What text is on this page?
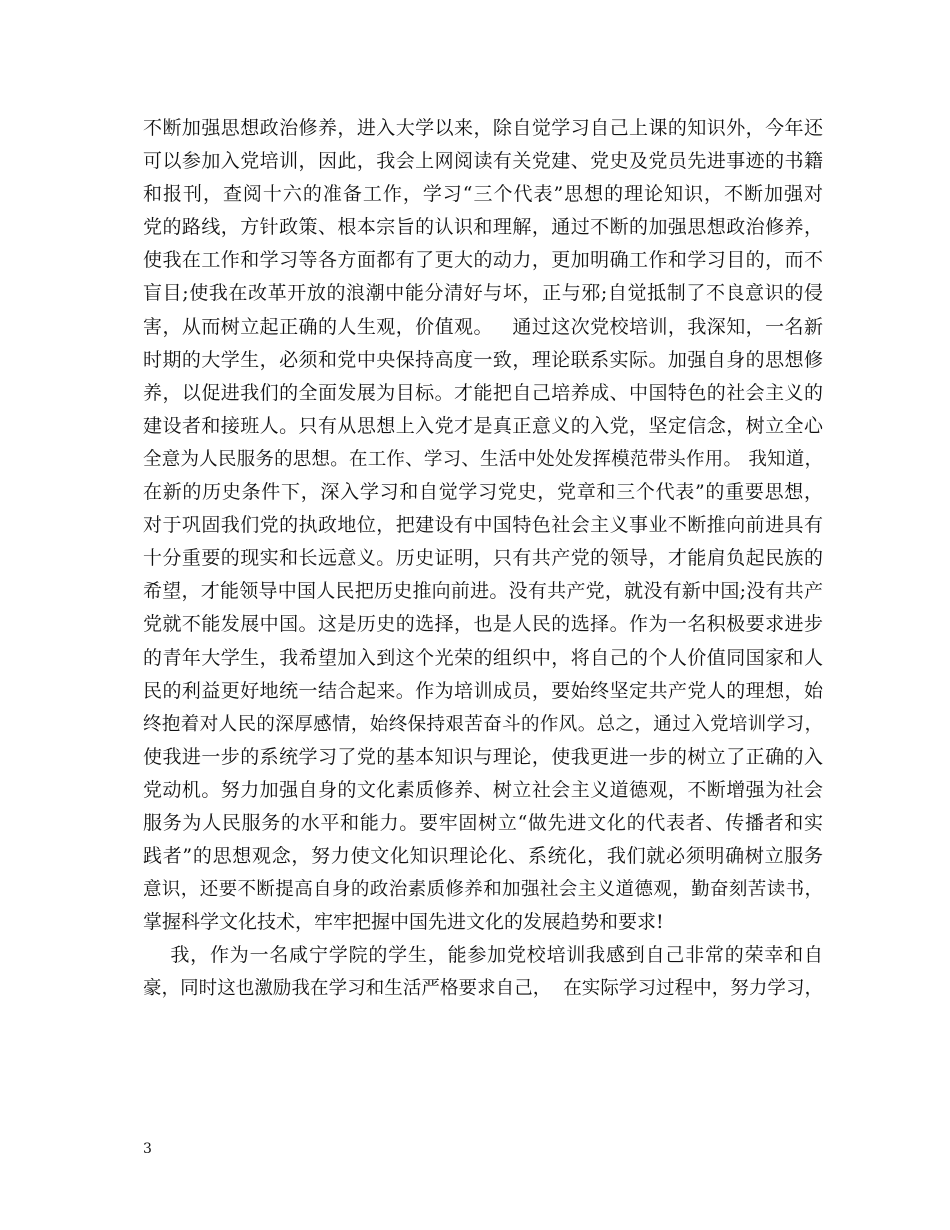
不断加强思想政治修养，进入大学以来，除自觉学习自己上课的知识外，今年还
可以参加入党培训，因此，我会上网阅读有关党建、党史及党员先进事迹的书籍
和报刊，查阅十六的准备工作，学习“三个代表”思想的理论知识，不断加强对
党的路线，方针政策、根本宗旨的认识和理解，通过不断的加强思想政治修养，
使我在工作和学习等各方面都有了更大的动力，更加明确工作和学习目的，而不
盲目;使我在改革开放的浪潮中能分清好与坏，正与邪;自觉抵制了不良意识的侵
害，从而树立起正确的人生观，价值观。   通过这次党校培训，我深知，一名新
时期的大学生，必须和党中央保持高度一致，理论联系实际。加强自身的思想修
养，以促进我们的全面发展为目标。才能把自己培养成、中国特色的社会主义的
建设者和接班人。只有从思想上入党才是真正意义的入党，坚定信念，树立全心
全意为人民服务的思想。在工作、学习、生活中处处发挥模范带头作用。 我知道，
在新的历史条件下，深入学习和自觉学习党史，党章和三个代表”的重要思想，
对于巩固我们党的执政地位，把建设有中国特色社会主义事业不断推向前进具有
十分重要的现实和长远意义。历史证明，只有共产党的领导，才能肩负起民族的
希望，才能领导中国人民把历史推向前进。没有共产党，就没有新中国;没有共产
党就不能发展中国。这是历史的选择，也是人民的选择。作为一名积极要求进步
的青年大学生，我希望加入到这个光荣的组织中，将自己的个人价值同国家和人
民的利益更好地统一结合起来。作为培训成员，要始终坚定共产党人的理想，始
终抱着对人民的深厚感情，始终保持艰苦奋斗的作风。总之，通过入党培训学习，
使我进一步的系统学习了党的基本知识与理论，使我更进一步的树立了正确的入
党动机。努力加强自身的文化素质修养、树立社会主义道德观，不断增强为社会
服务为人民服务的水平和能力。要牢固树立“做先进文化的代表者、传播者和实
践者”的思想观念，努力使文化知识理论化、系统化，我们就必须明确树立服务
意识，还要不断提高自身的政治素质修养和加强社会主义道德观，勤奋刻苦读书，
掌握科学文化技术，牢牢把握中国先进文化的发展趋势和要求!
我，作为一名咸宁学院的学生，能参加党校培训我感到自己非常的荣幸和自
豪，同时这也激励我在学习和生活严格要求自己，  在实际学习过程中，努力学习，
3
